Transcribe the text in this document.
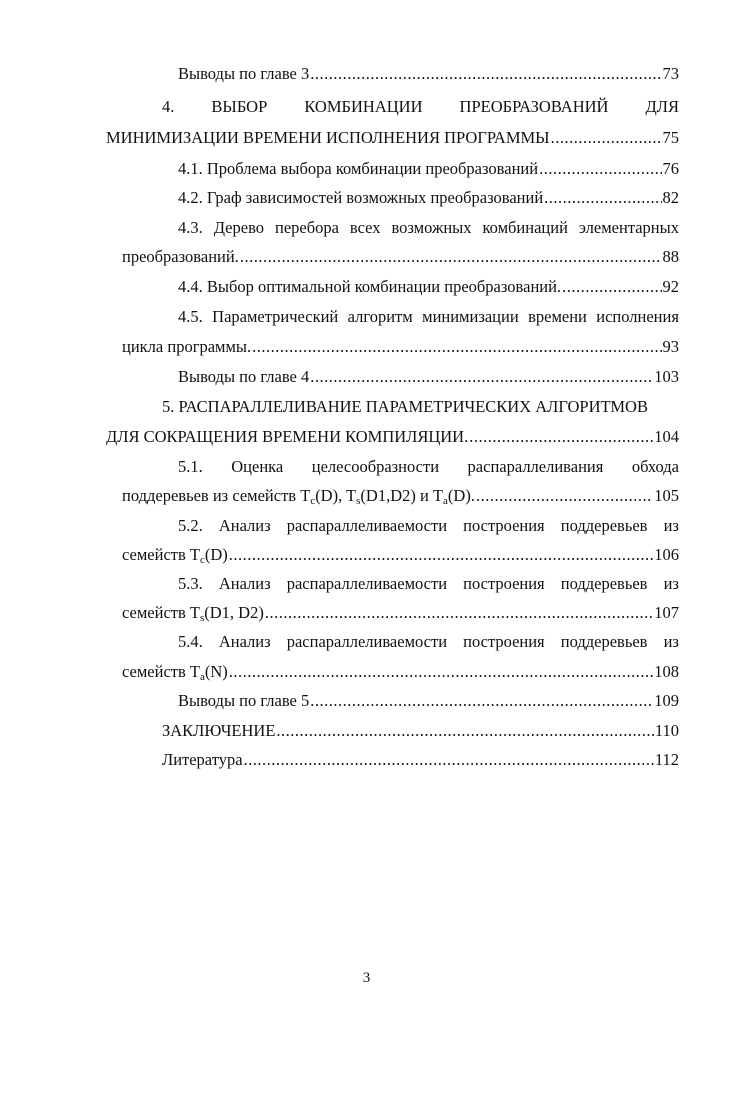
Выводы по главе 3 .....	73
4. ВЫБОР КОМБИНАЦИИ ПРЕОБРАЗОВАНИЙ ДЛЯ
МИНИМИЗАЦИИ ВРЕМЕНИ ИСПОЛНЕНИЯ ПРОГРАММЫ .....	75
4.1. Проблема выбора комбинации преобразований .....	76
4.2. Граф зависимостей возможных преобразований .....	82
4.3. Дерево перебора всех возможных комбинаций элементарных
преобразований. .....	88
4.4. Выбор оптимальной комбинации преобразований. .....	92
4.5. Параметрический алгоритм минимизации времени исполнения
цикла программы. .....	93
Выводы по главе 4 .....	103
5. РАСПАРАЛЛЕЛИВАНИЕ ПАРАМЕТРИЧЕСКИХ АЛГОРИТМОВ
ДЛЯ СОКРАЩЕНИЯ ВРЕМЕНИ КОМПИЛЯЦИИ. .....	104
5.1. Оценка целесообразности распараллеливания обхода
поддеревьев из семейств $T_c(D)$, $T_s(D1,D2)$ и $T_a(D)$. .....	105
5.2. Анализ распараллеливаемости построения поддеревьев из
семейств $T_c(D)$ .....	106
5.3. Анализ распараллеливаемости построения поддеревьев из
семейств $T_s(D1$, D2) .....	107
5.4. Анализ распараллеливаемости построения поддеревьев из
семейств $T_a(N)$ .....	108
Выводы по главе 5 .....	109
ЗАКЛЮЧЕНИЕ .....	110
Литература .....	112
3
